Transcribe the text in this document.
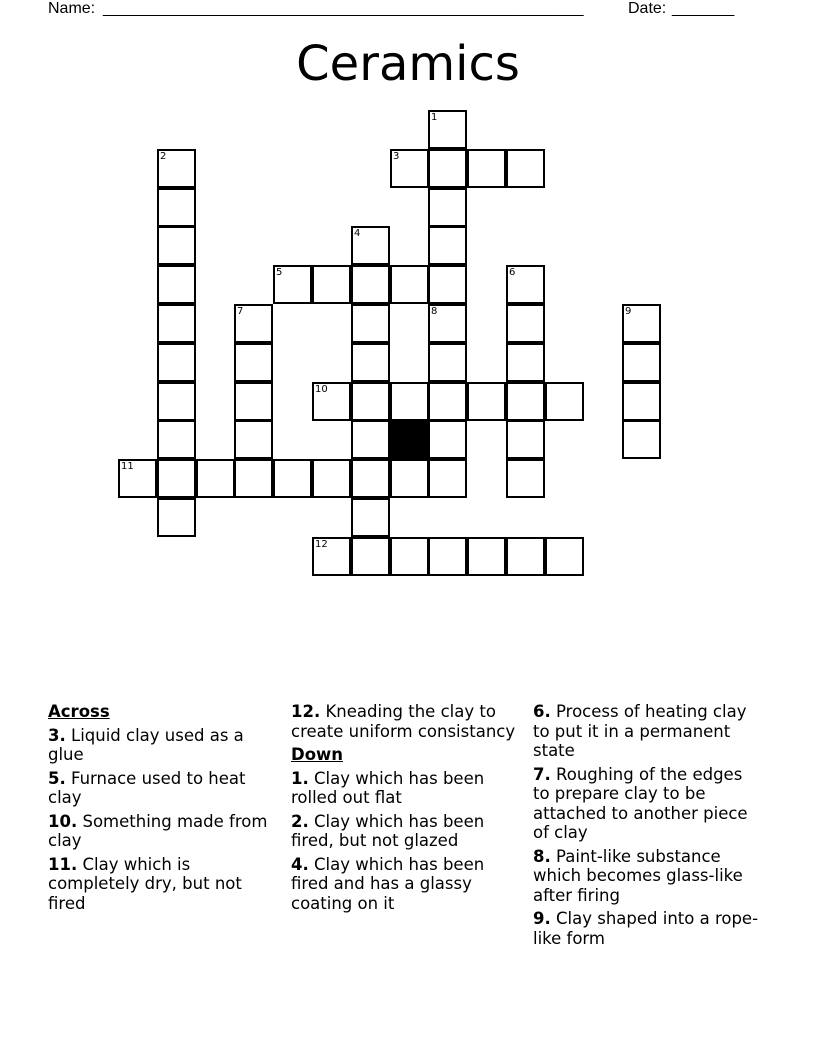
Name: ______________________________________________________	Date: _______
Ceramics
1
3
2
4
5	6
7	8	9
10
11
12
Across
3. Liquid clay used as a glue
5. Furnace used to heat clay
10. Something made from clay
11. Clay which is completely dry, but not fired
12. Kneading the clay to create uniform consistancy
Down
1. Clay which has been rolled out flat
2. Clay which has been fired, but not glazed
4. Clay which has been fired and has a glassy coating on it
6. Process of heating clay to put it in a permanent state
7. Roughing of the edges to prepare clay to be attached to another piece of clay
8. Paint-like substance which becomes glass-like after firing
9. Clay shaped into a rope-like form
